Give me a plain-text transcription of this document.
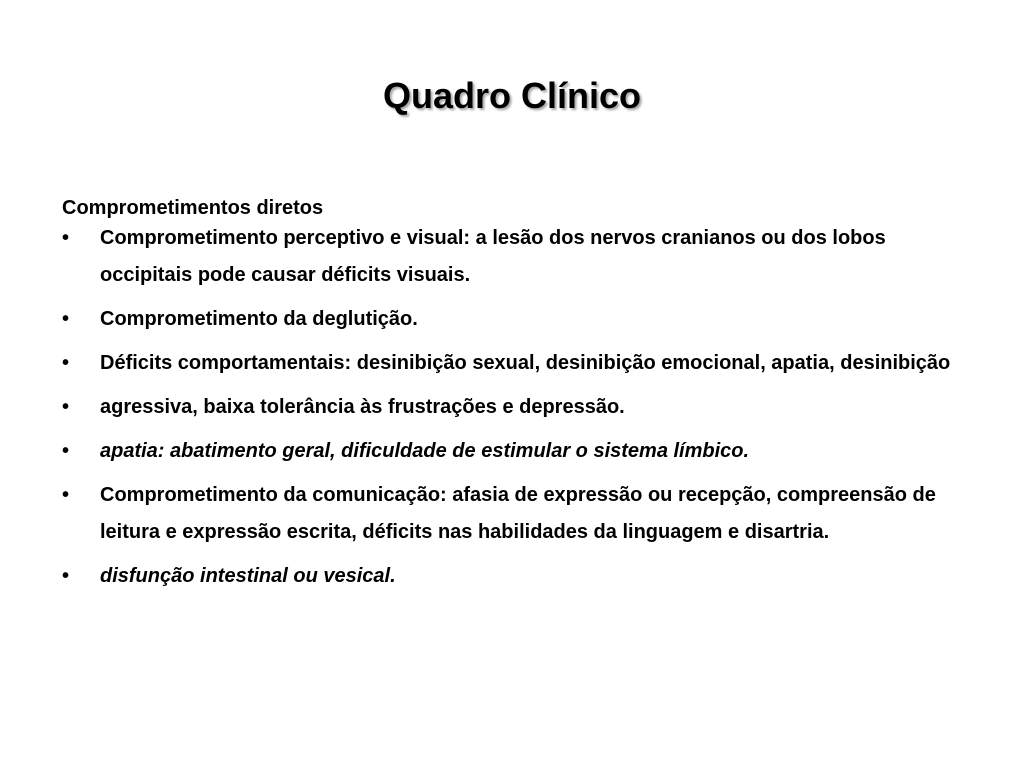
Quadro Clínico
Comprometimentos diretos
•	Comprometimento perceptivo e visual: a lesão dos nervos cranianos ou dos lobos occipitais pode causar déficits visuais.
•	Comprometimento da deglutição.
•	Déficits comportamentais: desinibição sexual, desinibição emocional, apatia, desinibição
•	agressiva, baixa tolerância às frustrações e depressão.
•	apatia: abatimento geral, dificuldade de estimular o sistema límbico.
•	Comprometimento da comunicação: afasia de expressão ou recepção, compreensão de leitura e expressão escrita, déficits nas habilidades da linguagem e disartria.
•	disfunção intestinal ou vesical.
